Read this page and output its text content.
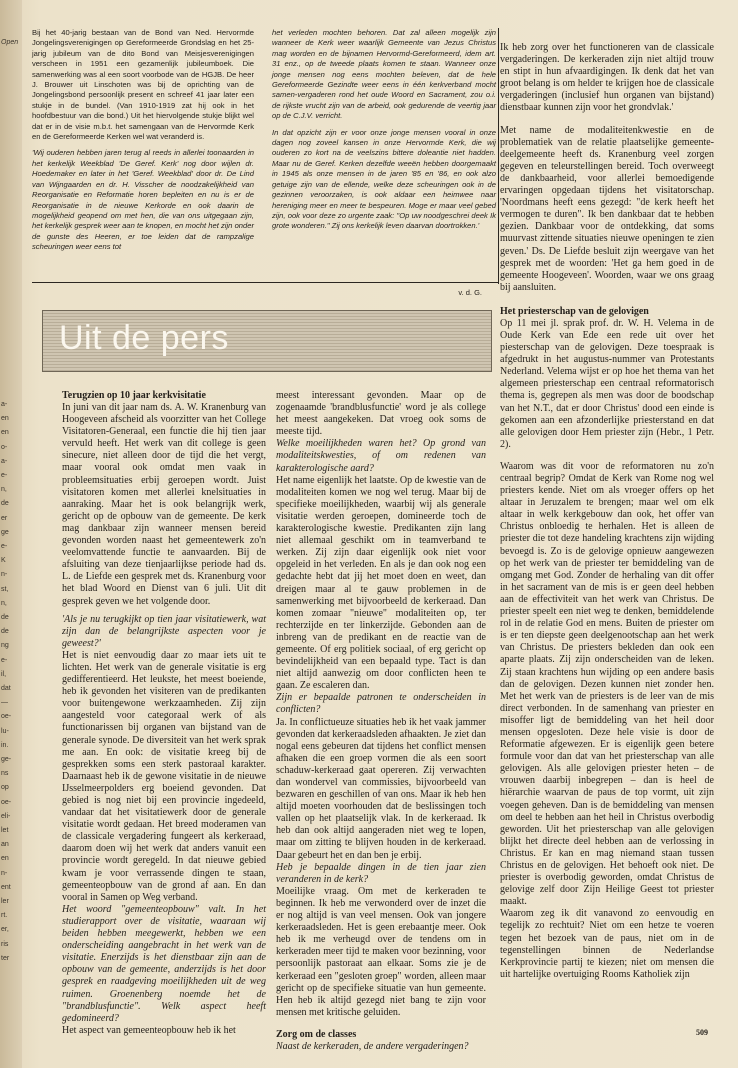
Open
a-
en
en
o-
a-
e-
n,
de
er
ge
e-
K
n-
st,
n,
de
de
ng
e-
il,
dat
—
oe-
lu-
in.
ge-
ns
op
oe-
eli-
let
an
en
n-
ent
ler
rt.
er,
ris
ter

Bij het 40-jarig bestaan van de Bond van Ned. Hervormde Jongelingsverenigingen op Gereformeerde Grondslag en het 25-jarig jubileum van de dito Bond van Meisjesverenigingen verscheen in 1951 een gezamenlijk jubileumboek. Die samenwerking was al een soort voorbode van de HGJB. De heer J. Brouwer uit Linschoten was bij de oprichting van de Jongelingsbond persoonlijk present en schreef 41 jaar later een stukje in de bundel. (Van 1910-1919 zat hij ook in het hoofdbestuur van die bond.) Uit het hiervolgende stukje blijkt wel dat er in de visie m.b.t. het samengaan van de Hervormde Kerk en de Gereformeerde Kerken wel wat veranderd is.

'Wij ouderen hebben jaren terug al reeds in allerlei toonaarden in het kerkelijk Weekblad 'De Geref. Kerk' nog door wijlen dr. Hoedemaker en later in het 'Geref. Weekblad' door dr. De Lind van Wijngaarden en dr. H. Visscher de noodzakelijkheid van Reorganisatie en Reformatie horen bepleiten en nu is er de Reorganisatie in de nieuwe Kerkorde en ook daarin de mogelijkheid geopend om met hen, die van ons uitgegaan zijn, het kerkelijk gesprek weer aan te knopen, en mocht het zijn onder de gunste des Heeren, er toe leiden dat de rampzalige scheuringen weer eens tot

het verleden mochten behoren. Dat zal alleen mogelijk zijn wanneer de Kerk weer waarlijk Gemeente van Jezus Christus mag worden en de bijnamen Hervormd-Gereformeerd, idem art. 31 enz., op de tweede plaats komen te staan. Wanneer onze jonge mensen nog eens mochten beleven, dat de hele Gereformeerde Gezindte weer eens in één kerkverband mocht samen-vergaderen rond het oude Woord en Sacrament, zou o.i. de rijkste vrucht zijn van de arbeid, ook gedurende de veertig jaar op de C.J.V. verricht.

In dat opzicht zijn er voor onze jonge mensen vooral in onze dagen nog zoveel kansen in onze Hervormde Kerk, die wij ouderen zo kort na de veelszins bittere doleantie niet hadden. Maar nu de Geref. Kerken dezelfde weeën hebben doorgemaakt in 1945 als onze mensen in de jaren '85 en '86, en ook alzo getuige zijn van de ellende, welke deze scheuringen ook in de gezinnen veroorzaken, is ook aldaar een heimwee naar hereniging meer en meer te bespeuren. Moge er maar veel gebed zijn, ook voor deze zo urgente zaak: "Op uw noodgeschrei deek Ik grote wonderen." Zij ons kerkelijk leven daarvan doortrokken.'

v. d. G.
Uit de pers

Terugzien op 10 jaar kerkvisitatie

In juni van dit jaar nam ds. A. W. Kranenburg van Hoogeveen afscheid als voorzitter van het College Visitatoren-Generaal, een functie die hij tien jaar vervuld heeft. Het werk van dit college is geen sinecure, niet alleen door de tijd die het vergt, maar vooral ook omdat men vaak in probleemsituaties erbij geroepen wordt. Juist visitatoren komen met allerlei knelsituaties in aanraking. Maar het is ook belangrijk werk, gericht op de opbouw van de gemeente. De kerk mag dankbaar zijn wanneer mensen bereid gevonden worden naast het gemeentewerk zo'n veelomvattende functie te aanvaarden. Bij de afsluiting van deze tienjaarlijkse periode had ds. L. de Liefde een gesprek met ds. Kranenburg voor het blad Woord en Dienst van 6 juli. Uit dit gesprek geven we het volgende door.

'Als je nu terugkijkt op tien jaar visitatiewerk, wat zijn dan de belangrijkste aspecten voor je geweest?'

Het is niet eenvoudig daar zo maar iets uit te lichten. Het werk van de generale visitatie is erg gedifferentieerd. Het leukste, het meest boeiende, heb ik gevonden het visiteren van de predikanten voor buitengewone werkzaamheden. Zij zijn aangesteld voor categoraal werk of als functionarissen bij organen van bijstand van de generale synode. De diversiteit van het werk sprak me aan. En ook: de visitatie kreeg bij de gesprekken soms een sterk pastoraal karakter. Daarnaast heb ik de gewone visitatie in de nieuwe IJsselmeerpolders erg boeiend gevonden. Dat gebied is nog niet bij een provincie ingedeeld, vandaar dat het visitatiewerk door de generale visitatie wordt gedaan. Het breed moderamen van de classicale vergadering fungeert als kerkeraad, daarom doen wij het werk dat anders vanuit een provincie wordt geregeld. In dat nieuwe gebied kwam je voor verrassende dingen te staan, gemeenteopbouw van de grond af aan. En dan vooral in Samen op Weg verband.

Het woord "gemeenteopbouw" valt. In het studierapport over de visitatie, waaraan wij beiden hebben meegewerkt, hebben we een onderscheiding aangebracht in het werk van de visitatie. Enerzijds is het dienstbaar zijn aan de opbouw van de gemeente, anderzijds is het door gesprek en raadgeving moeilijkheden uit de weg ruimen. Groenenberg noemde het de "brandblusfunctie". Welk aspect heeft gedomineerd?

Het aspect van gemeenteopbouw heb ik het

meest interessant gevonden. Maar op de zogenaamde 'brandblusfunctie' word je als college het meest aangekeken. Dat vroeg ook soms de meeste tijd.

Welke moeilijkheden waren het? Op grond van modaliteitskwesties, of om redenen van karakterologische aard?

Het name eigenlijk het laatste. Op de kwestie van de modaliteiten komen we nog wel terug. Maar bij de specifieke moeilijkheden, waarbij wij als generale visitatie werden geroepen, domineerde toch de karakterologische kwestie. Predikanten zijn lang niet allemaal geschikt om in teamverband te werken. Zij zijn daar eigenlijk ook niet voor opgeleid in het verleden. En als je dan ook nog een gedachte hebt dat jij het moet doen en weet, dan dreigen maar al te gauw problemen in de samenwerking met bijvoorbeeld de kerkeraad. Dan komen zomaar "nieuwe" modaliteiten op, ter rechterzijde en ter linkerzijde. Gebonden aan de inbreng van de predikant en de reactie van de gemeente. Of erg politiek sociaal, of erg gericht op bevindelijkheid van een bepaald type. Tact is dan niet altijd aanwezig om door conflicten heen te gaan. Ze escaleren dan.

Zijn er bepaalde patronen te onderscheiden in conflicten?

Ja. In conflictueuze situaties heb ik het vaak jammer gevonden dat kerkeraadsleden afhaakten. Je ziet dan nogal eens gebeuren dat tijdens het conflict mensen afhaken die een groep vormen die als een soort schaduw-kerkeraad gaat opereren. Zij verwachten dan wondervel van commissies, bijvoorbeeld van bezwaren en geschillen of van ons. Maar ik heb hen altijd moeten voorhouden dat de beslissingen toch vallen op het plaatselijk vlak. In de kerkeraad. Ik heb dan ook altijd aangeraden niet weg te lopen, maar om zitting te blijven houden in de kerkeraad. Daar gebeurt het en dan ben je erbij.

Heb je bepaalde dingen in de tien jaar zien veranderen in de kerk?

Moeilijke vraag. Om met de kerkeraden te beginnen. Ik heb me verwonderd over de inzet die er nog altijd is van veel mensen. Ook van jongere kerkeraadsleden. Het is geen erebaantje meer. Ook heb ik me verheugd over de tendens om in kerkeraden meer tijd te maken voor bezinning, voor persoonlijk pastoraat aan elkaar. Soms zie je de kerkeraad een "gesloten groep" worden, alleen maar gericht op de specifieke situatie van hun gemeente. Hen heb ik altijd gezegd niet bang te zijn voor mensen met kritische geluiden.

Zorg om de classes

Naast de kerkeraden, de andere vergaderingen?

Ik heb zorg over het functioneren van de classicale vergaderingen. De kerkeraden zijn niet altijd trouw en stipt in hun afvaardigingen. Ik denk dat het van groot belang is om helder te krijgen hoe de classicale vergaderingen (inclusief hun organen van bijstand) dienstbaar kunnen zijn voor het grondvlak.'

Met name de modaliteitenkwestie en de problematiek van de relatie plaatselijke gemeente-deelgemeente heeft ds. Kranenburg veel zorgen gegeven en teleurstellingen bereid. Toch overweegt de dankbaarheid, voor allerlei bemoedigende ervaringen opgedaan tijdens het visitatorschap. 'Noordmans heeft eens gezegd: "de kerk heeft het vermogen te duren". Ik ben dankbaar dat te hebben gezien. Dankbaar voor de ontdekking, dat soms muurvast zittende situaties nieuwe openingen te zien geven.' Ds. De Liefde besluit zijn weergave van het gesprek met de woorden: 'Het ga hem goed in de gemeente Hoogeveen'. Woorden, waar we ons graag bij aansluiten.

Het priesterschap van de gelovigen

Op 11 mei jl. sprak prof. dr. W. H. Velema in de Oude Kerk van Ede een rede uit over het piesterschap van de gelovigen. Deze toespraak is afgedrukt in het augustus-nummer van Protestants Nederland. Velema wijst er op hoe het thema van het algemeen priesterschap een centraal reformatorisch thema is, gegrepen als men was door de boodschap van het N.T., dat er door Christus' dood een einde is gekomen aan een afzonderlijke priesterstand en dat alle gelovigen door Hem priester zijn (Hebr., 1 Petr. 2).

Waarom was dit voor de reformatoren nu zo'n centraal begrip? Omdat de Kerk van Rome nog wel priesters kende. Niet om als vroeger offers op het altaar in Jeruzalem te brengen; maar wel om elk altaar in welk kerkgebouw dan ook, het offer van Christus onbloedig te herhalen. Het is alleen de priester die tot deze handeling krachtens zijn wijding bevoegd is. Zo is de gelovige opnieuw aangewezen op het werk van de priester ter bemiddeling van de omgang met God. Zonder de herhaling van dit offer in het sacrament van de mis is er geen deel hebben aan de effectiviteit van het werk van Christus. De priester speelt een niet weg te denken, bemiddelende rol in de relatie God en mens. Buiten de priester om is er ten diepste geen deelgenootschap aan het werk van Christus. De priesters bekleden dan ook een aparte plaats. Zij zijn onderscheiden van de leken. Zij staan krachtens hun wijding op een andere basis dan de gelovigen. Dezen kunnen niet zonder hen. Met het werk van de priesters is de leer van de mis direct verbonden. In de samenhang van priester en misoffer ligt de bemiddeling van het heil door mensen opgesloten. Deze hele visie is door de Reformatie afgewezen. Er is eigenlijk geen betere formule voor dan dat van het priesterschap van alle gelovigen. Als alle gelovigen priester heten – de vrouwen daarbij inbegrepen – dan is heel de hiërarchie waarvan de paus de top vormt, uit zijn voegen geheven. Dan is de bemiddeling van mensen om deel te hebben aan het heil in Christus overbodig geworden. Uit het priesterschap van alle gelovigen blijkt het directe deel hebben aan de verlossing in Christus. Er kan en mag niemand staan tussen Christus en de gelovigen. Het behoeft ook niet. De priester is overbodig geworden, omdat Christus de gelovige zelf door Zijn Heilige Geest tot priester maakt.

Waarom zeg ik dit vanavond zo eenvoudig en tegelijk zo rechtuit? Niet om een hetze te voeren tegen het bezoek van de paus, niet om in de tegenstellingen binnen de Nederlandse Kerkprovincie partij te kiezen; niet om mensen die uit hartelijke overtuiging Rooms Katholiek zijn

509
